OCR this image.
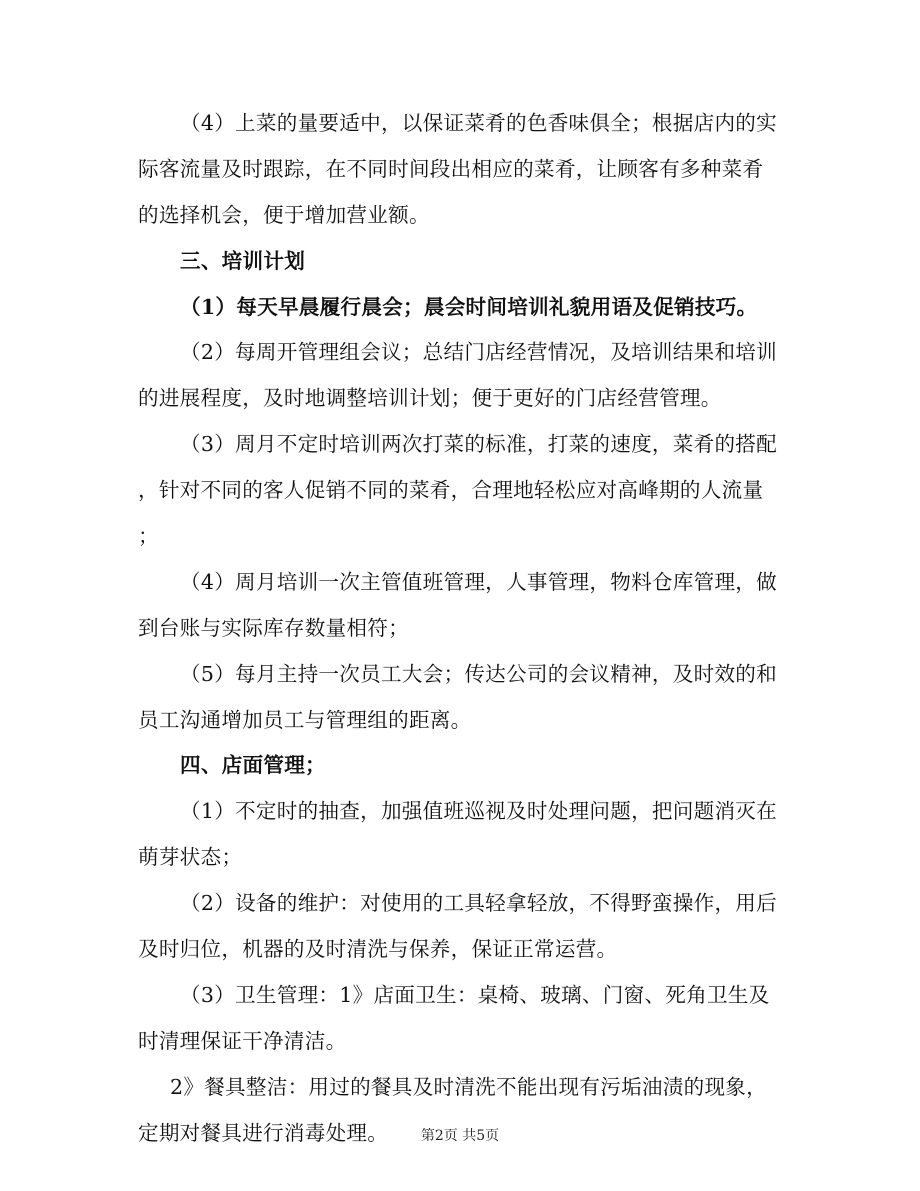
（4）上菜的量要适中，以保证菜肴的色香味俱全；根据店内的实
际客流量及时跟踪，在不同时间段出相应的菜肴，让顾客有多种菜肴
的选择机会，便于增加营业额。
三、培训计划
（1）每天早晨履行晨会；晨会时间培训礼貌用语及促销技巧。
（2）每周开管理组会议；总结门店经营情况，及培训结果和培训
的进展程度，及时地调整培训计划；便于更好的门店经营管理。
（3）周月不定时培训两次打菜的标准，打菜的速度，菜肴的搭配
，针对不同的客人促销不同的菜肴，合理地轻松应对高峰期的人流量
；
（4）周月培训一次主管值班管理，人事管理，物料仓库管理，做
到台账与实际库存数量相符；
（5）每月主持一次员工大会；传达公司的会议精神，及时效的和
员工沟通增加员工与管理组的距离。
四、店面管理；
（1）不定时的抽查，加强值班巡视及时处理问题，把问题消灭在
萌芽状态；
（2）设备的维护：对使用的工具轻拿轻放，不得野蛮操作，用后
及时归位，机器的及时清洗与保养，保证正常运营。
（3）卫生管理：1》店面卫生：桌椅、玻璃、门窗、死角卫生及
时清理保证干净清洁。
2》餐具整洁：用过的餐具及时清洗不能出现有污垢油渍的现象，
定期对餐具进行消毒处理。	第2页 共5页
